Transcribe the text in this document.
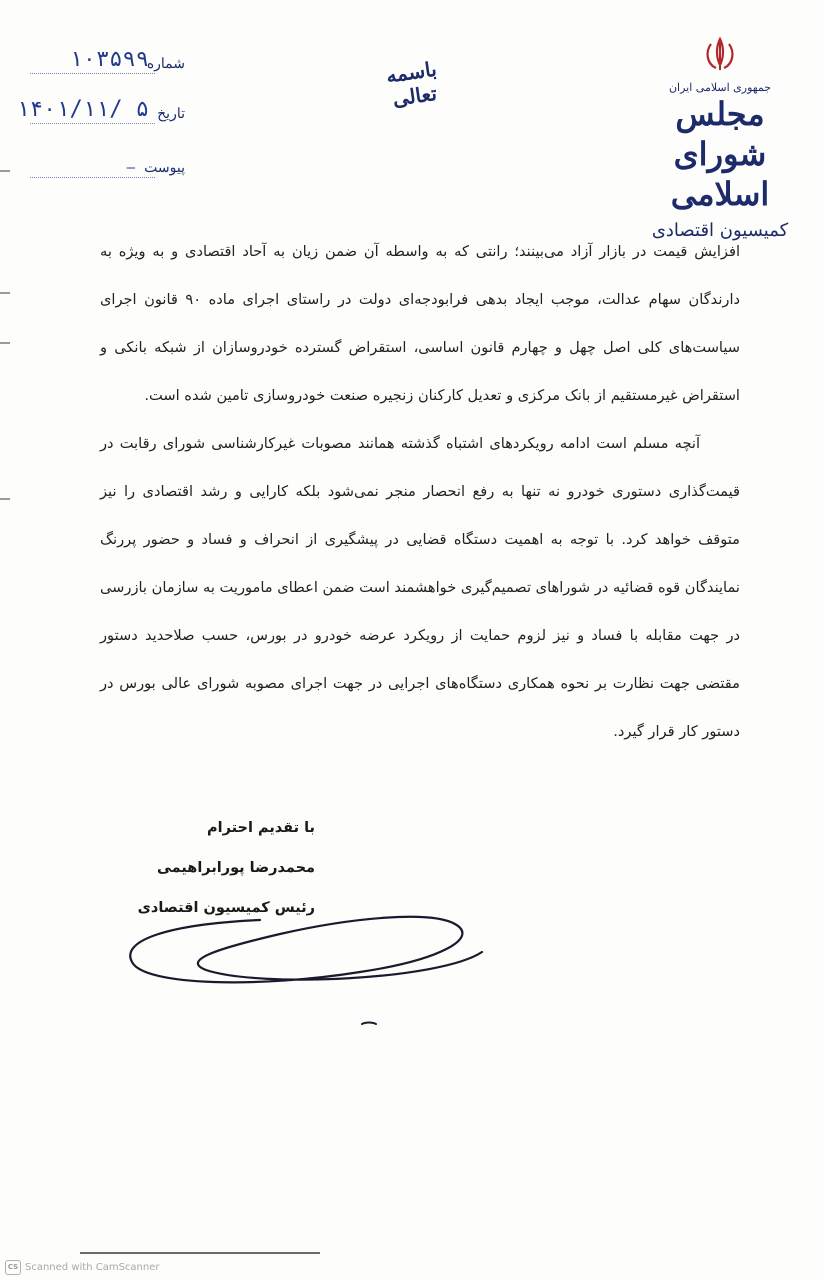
جمهوری اسلامی ایران
مجلس شورای اسلامی
کمیسیون اقتصادی
باسمه تعالی
شماره
۱۰۳۵۹۹
تاریخ
۱۴۰۱/۱۱/ ۵
پیوست
—

افزایش قیمت در بازار آزاد می‌بینند؛ رانتی که به واسطه آن ضمن زیان به آحاد اقتصادی و به ویژه به دارندگان سهام عدالت، موجب ایجاد بدهی فرابودجه‌ای دولت در راستای اجرای ماده ۹۰ قانون اجرای سیاست‌های کلی اصل چهل و چهارم قانون اساسی، استقراض گسترده خودروسازان از شبکه بانکی و استقراض غیرمستقیم از بانک مرکزی و تعدیل کارکنان زنجیره صنعت خودروسازی تامین شده است.

آنچه مسلم است ادامه رویکردهای اشتباه گذشته همانند مصوبات غیرکارشناسی شورای رقابت در قیمت‌گذاری دستوری خودرو نه تنها به رفع انحصار منجر نمی‌شود بلکه کارایی و رشد اقتصادی را نیز متوقف خواهد کرد. با توجه به اهمیت دستگاه قضایی در پیشگیری از انحراف و فساد و حضور پررنگ نمایندگان قوه قضائیه در شوراهای تصمیم‌گیری خواهشمند است ضمن اعطای ماموریت به سازمان بازرسی در جهت مقابله با فساد و نیز لزوم حمایت از رویکرد عرضه خودرو در بورس، حسب صلاحدید دستور مقتضی جهت نظارت بر نحوه همکاری دستگاه‌های اجرایی در جهت اجرای مصوبه شورای عالی بورس در دستور کار قرار گیرد.

با تقدیم احترام
محمدرضا پورابراهیمی
رئیس کمیسیون اقتصادی
CS Scanned with CamScanner
